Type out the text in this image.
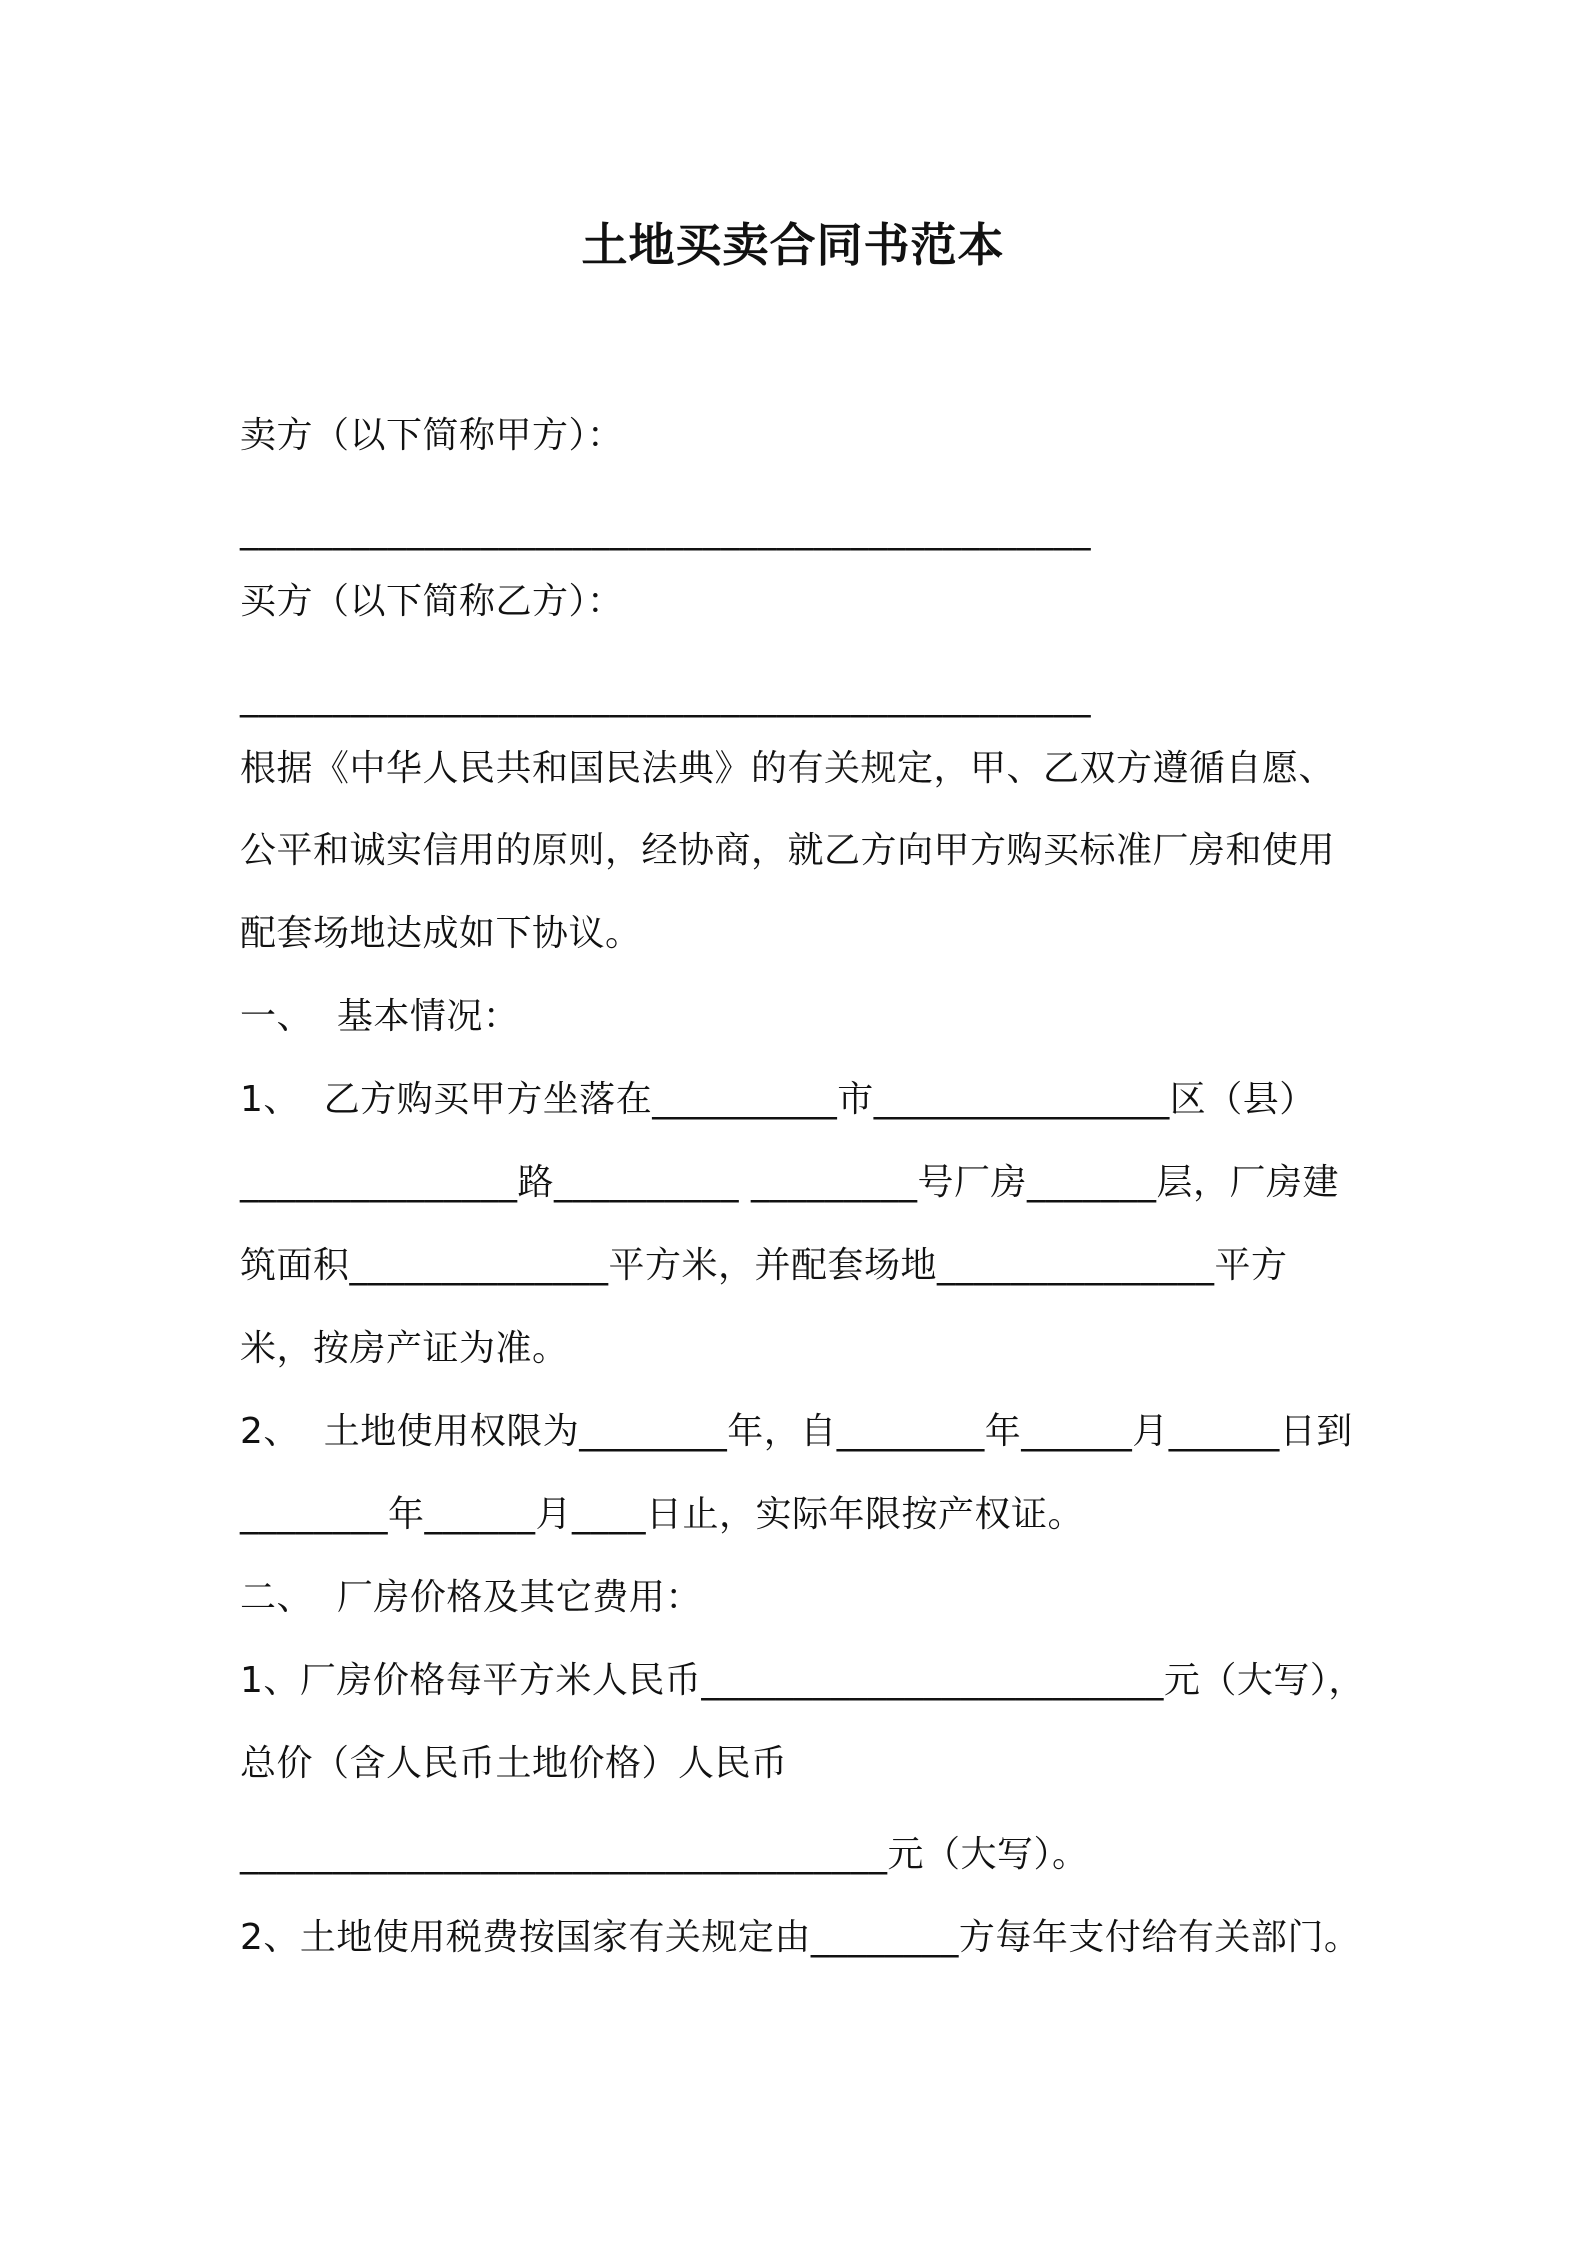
土地买卖合同书范本
卖方（以下简称甲方）：
______________________________________________
买方（以下简称乙方）：
______________________________________________
根据《中华人民共和国民法典》的有关规定，甲、乙双方遵循自愿、
公平和诚实信用的原则，经协商，就乙方向甲方购买标准厂房和使用
配套场地达成如下协议。
一、  基本情况：
1、  乙方购买甲方坐落在__________市________________区（县）
_______________路__________ _________号厂房_______层，厂房建
筑面积______________平方米，并配套场地_______________平方
米，按房产证为准。
2、  土地使用权限为________年，自________年______月______日到
________年______月____日止，实际年限按产权证。
二、  厂房价格及其它费用：
1、厂房价格每平方米人民币_________________________元（大写），
总价（含人民币土地价格）人民币
___________________________________元（大写）。
2、土地使用税费按国家有关规定由________方每年支付给有关部门。
